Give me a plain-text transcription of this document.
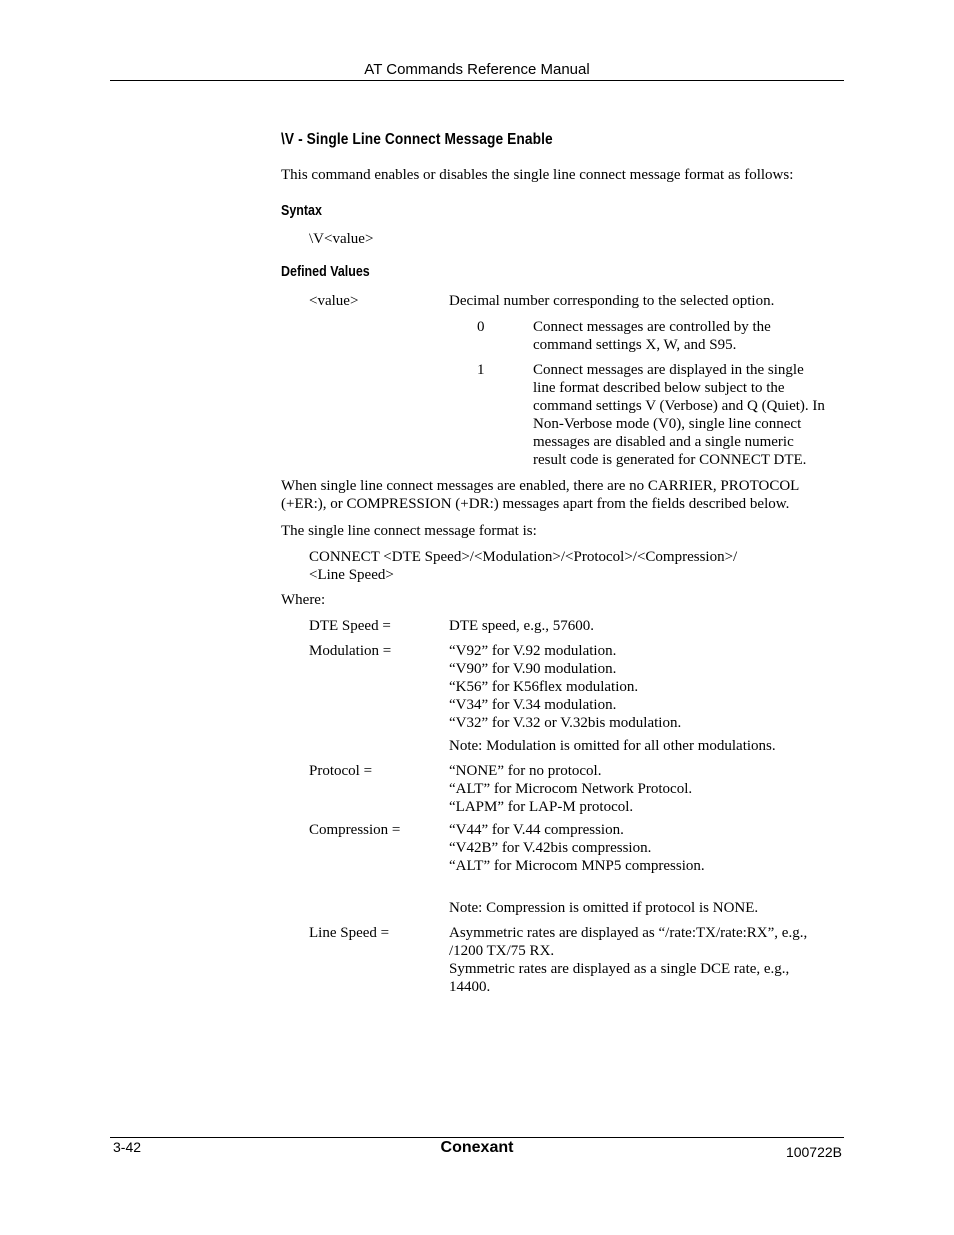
AT Commands Reference Manual
\V - Single Line Connect Message Enable
This command enables or disables the single line connect message format as follows:
Syntax
\V<value>
Defined Values
<value>	Decimal number corresponding to the selected option.
0	Connect messages are controlled by the
command settings X, W, and S95.
1	Connect messages are displayed in the single
line format described below subject to the
command settings V (Verbose) and Q (Quiet). In
Non-Verbose mode (V0), single line connect
messages are disabled and a single numeric
result code is generated for CONNECT DTE.
When single line connect messages are enabled, there are no CARRIER, PROTOCOL
(+ER:), or COMPRESSION (+DR:) messages apart from the fields described below.
The single line connect message format is:
CONNECT <DTE Speed>/<Modulation>/<Protocol>/<Compression>/
<Line Speed>
Where:
DTE Speed =	DTE speed, e.g., 57600.
Modulation =	“V92” for V.92 modulation.
“V90” for V.90 modulation.
“K56” for K56flex modulation.
“V34” for V.34 modulation.
“V32” for V.32 or V.32bis modulation.
Note: Modulation is omitted for all other modulations.
Protocol =	“NONE” for no protocol.
“ALT” for Microcom Network Protocol.
“LAPM” for LAP-M protocol.
Compression =	“V44” for V.44 compression.
“V42B” for V.42bis compression.
“ALT” for Microcom MNP5 compression.
Note: Compression is omitted if protocol is NONE.
Line Speed =	Asymmetric rates are displayed as “/rate:TX/rate:RX”, e.g.,
/1200 TX/75 RX.
Symmetric rates are displayed as a single DCE rate, e.g.,
14400.
3-42	Conexant	100722B
